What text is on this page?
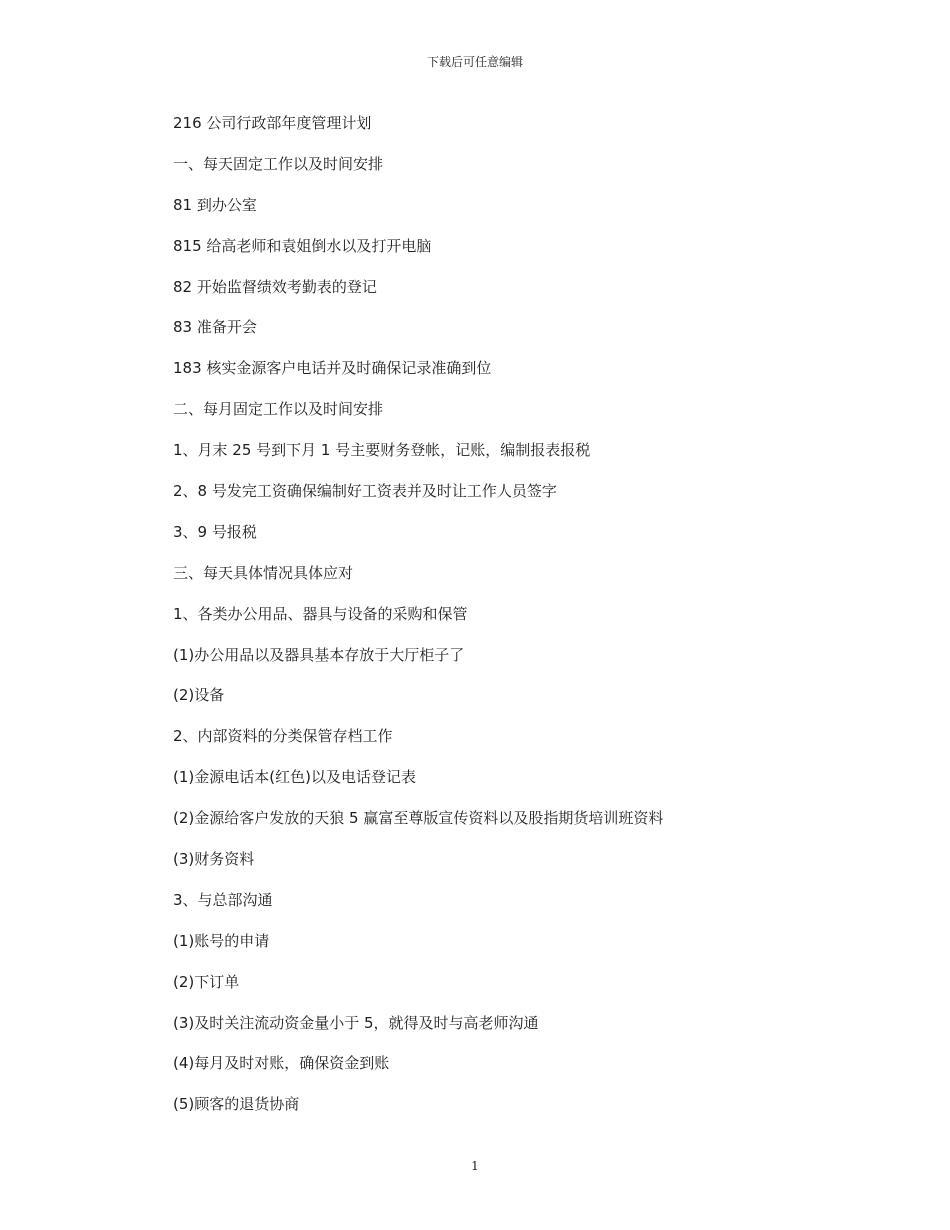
下载后可任意编辑
216 公司行政部年度管理计划
一、每天固定工作以及时间安排
81 到办公室
815 给高老师和袁姐倒水以及打开电脑
82 开始监督绩效考勤表的登记
83 准备开会
183 核实金源客户电话并及时确保记录准确到位
二、每月固定工作以及时间安排
1、月末 25 号到下月 1 号主要财务登帐，记账，编制报表报税
2、8 号发完工资确保编制好工资表并及时让工作人员签字
3、9 号报税
三、每天具体情况具体应对
1、各类办公用品、器具与设备的采购和保管
(1)办公用品以及器具基本存放于大厅柜子了
(2)设备
2、内部资料的分类保管存档工作
(1)金源电话本(红色)以及电话登记表
(2)金源给客户发放的天狼 5 赢富至尊版宣传资料以及股指期货培训班资料
(3)财务资料
3、与总部沟通
(1)账号的申请
(2)下订单
(3)及时关注流动资金量小于 5，就得及时与高老师沟通
(4)每月及时对账，确保资金到账
(5)顾客的退货协商
1
